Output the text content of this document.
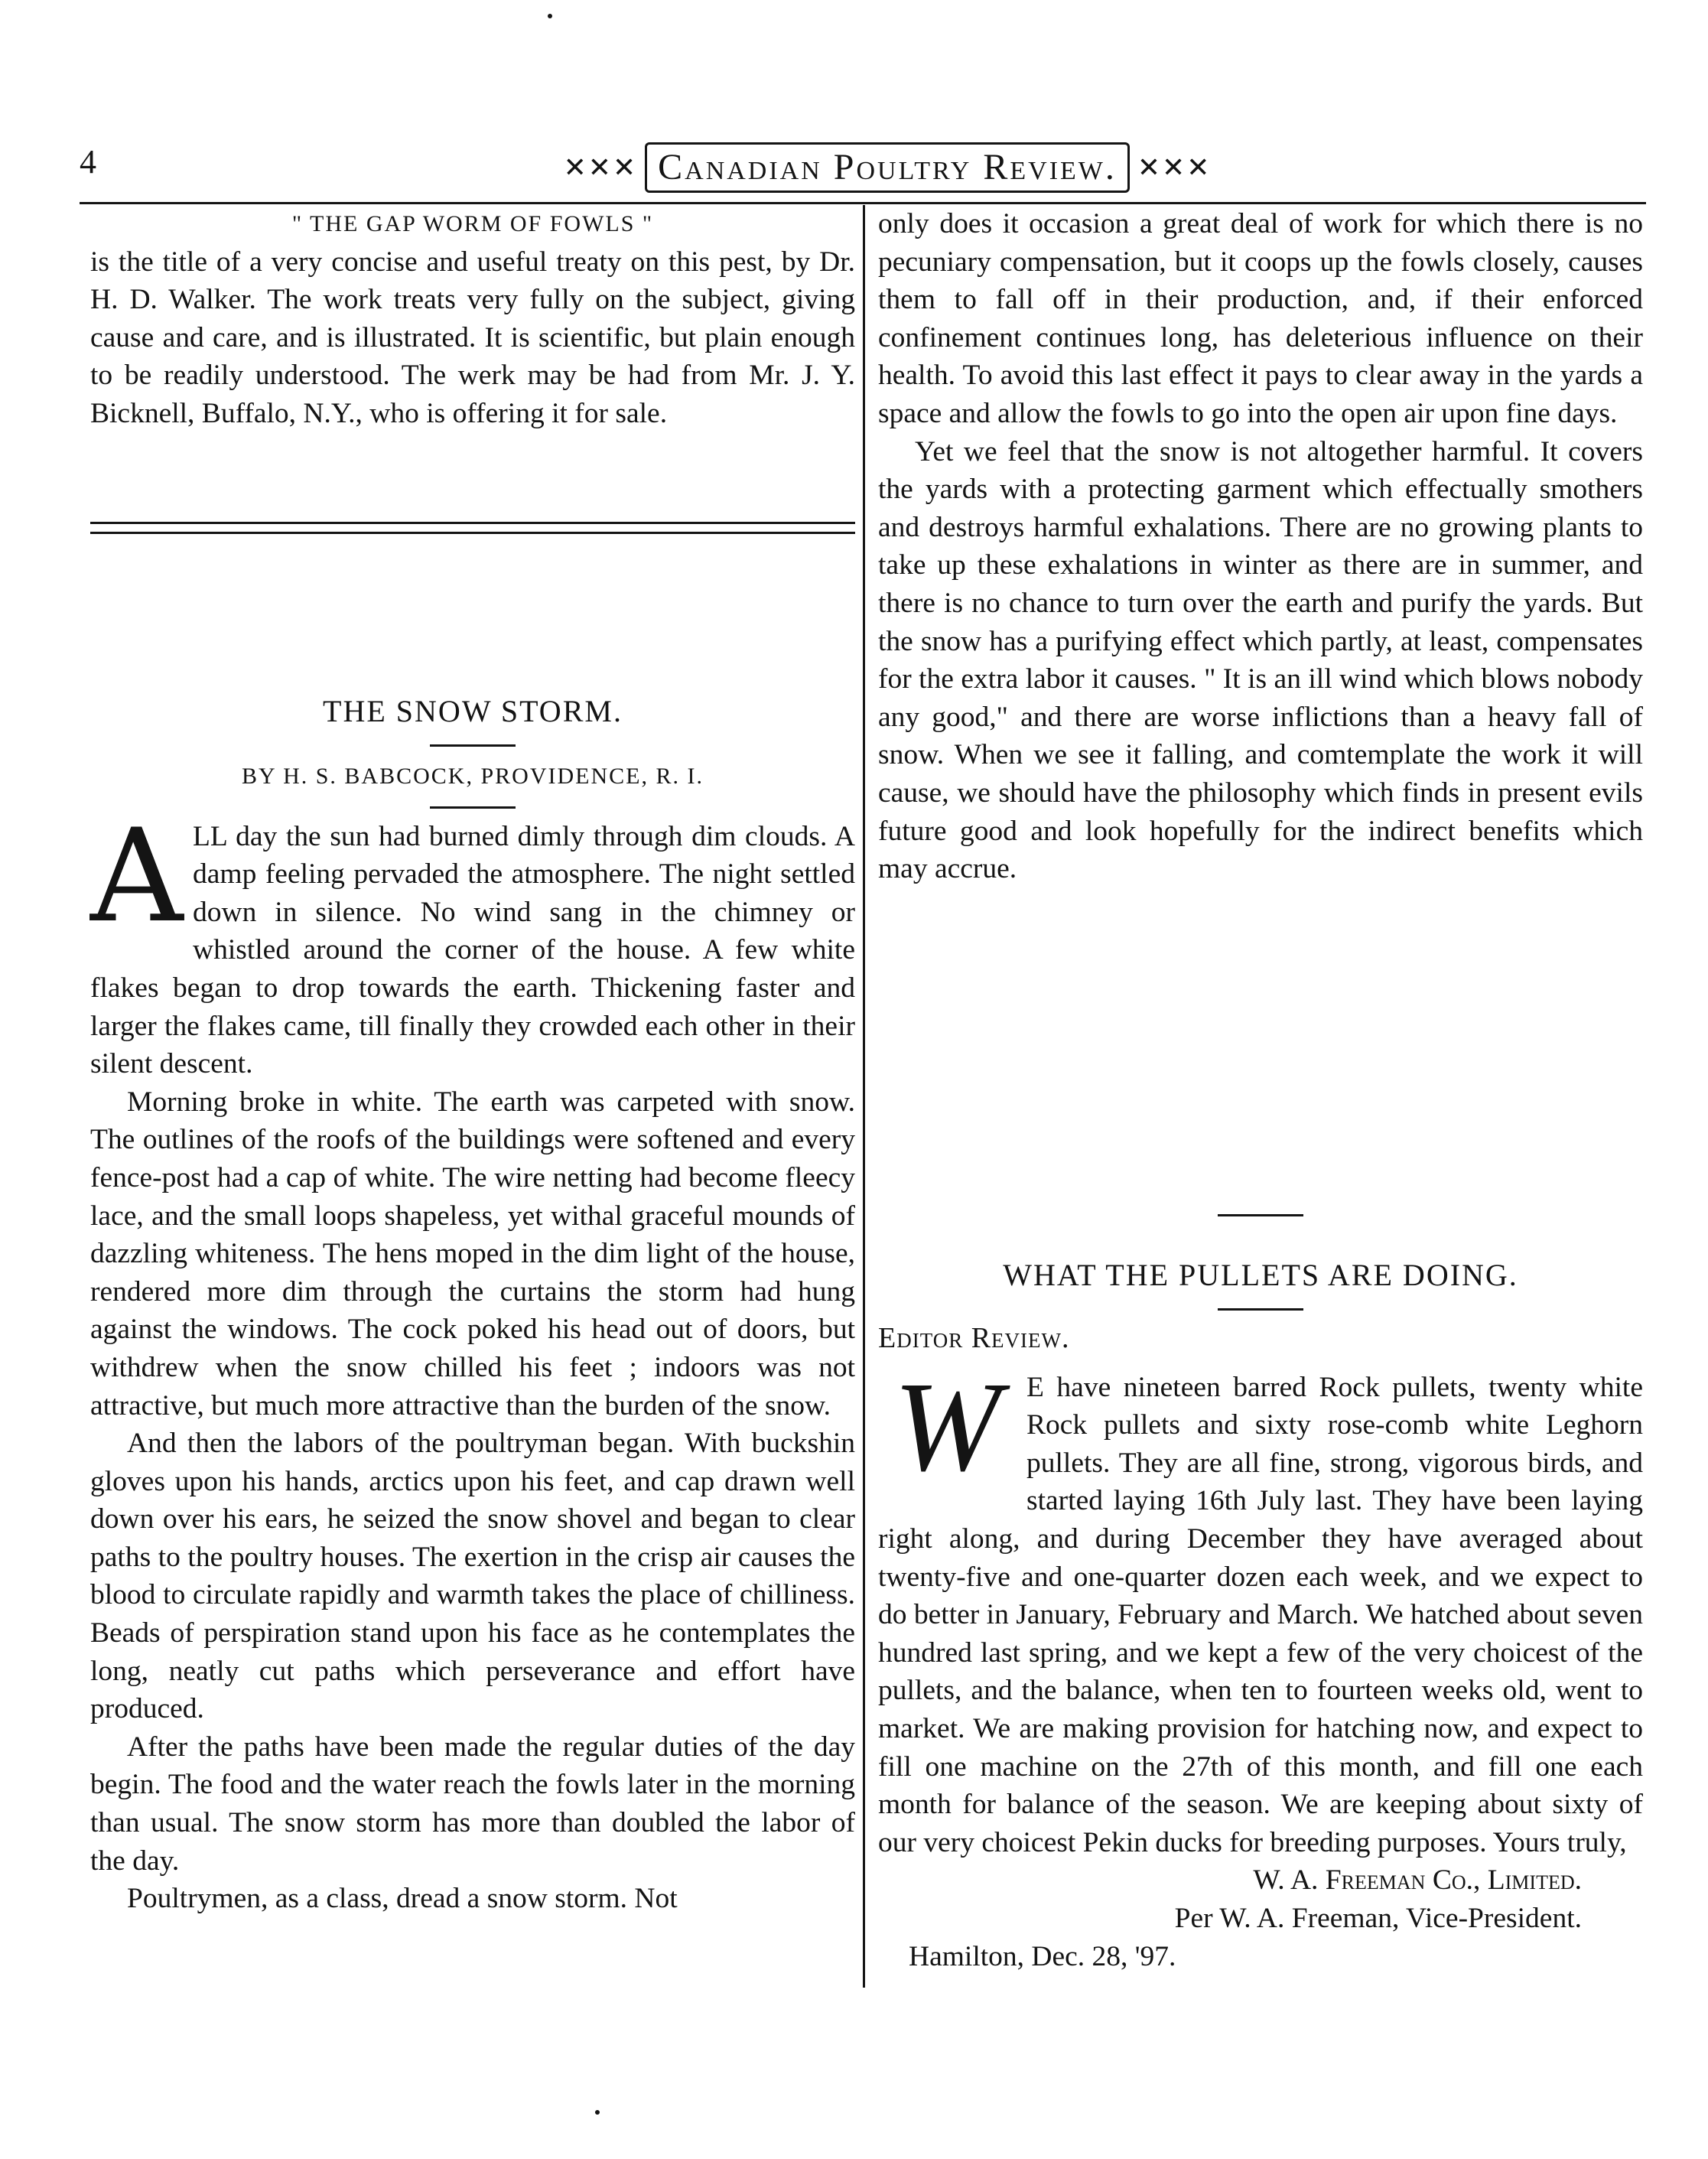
4	✕✕✕ Canadian Poultry Review. ✕✕✕
" THE GAP WORM OF FOWLS "

is the title of a very concise and useful treaty on this pest, by Dr. H. D. Walker. The work treats very fully on the subject, giving cause and care, and is illustrated. It is scientific, but plain enough to be readily understood. The werk may be had from Mr. J. Y. Bicknell, Buffalo, N.Y., who is offering it for sale.

THE SNOW STORM.
BY H. S. BABCOCK, PROVIDENCE, R. I.

ALL day the sun had burned dimly through dim clouds. A damp feeling pervaded the atmosphere. The night settled down in silence. No wind sang in the chimney or whistled around the corner of the house. A few white flakes began to drop towards the earth. Thickening faster and larger the flakes came, till finally they crowded each other in their silent descent.

Morning broke in white. The earth was carpeted with snow. The outlines of the roofs of the buildings were softened and every fence-post had a cap of white. The wire netting had become fleecy lace, and the small loops shapeless, yet withal graceful mounds of dazzling whiteness. The hens moped in the dim light of the house, rendered more dim through the curtains the storm had hung against the windows. The cock poked his head out of doors, but withdrew when the snow chilled his feet ; indoors was not attractive, but much more attractive than the burden of the snow.

And then the labors of the poultryman began. With buckshin gloves upon his hands, arctics upon his feet, and cap drawn well down over his ears, he seized the snow shovel and began to clear paths to the poultry houses. The exertion in the crisp air causes the blood to circulate rapidly and warmth takes the place of chilliness. Beads of perspiration stand upon his face as he contemplates the long, neatly cut paths which perseverance and effort have produced.

After the paths have been made the regular duties of the day begin. The food and the water reach the fowls later in the morning than usual. The snow storm has more than doubled the labor of the day.

Poultrymen, as a class, dread a snow storm. Not

only does it occasion a great deal of work for which there is no pecuniary compensation, but it coops up the fowls closely, causes them to fall off in their production, and, if their enforced confinement continues long, has deleterious influence on their health. To avoid this last effect it pays to clear away in the yards a space and allow the fowls to go into the open air upon fine days.

Yet we feel that the snow is not altogether harmful. It covers the yards with a protecting garment which effectually smothers and destroys harmful exhalations. There are no growing plants to take up these exhalations in winter as there are in summer, and there is no chance to turn over the earth and purify the yards. But the snow has a purifying effect which partly, at least, compensates for the extra labor it causes. " It is an ill wind which blows nobody any good," and there are worse inflictions than a heavy fall of snow. When we see it falling, and comtemplate the work it will cause, we should have the philosophy which finds in present evils future good and look hopefully for the indirect benefits which may accrue.

WHAT THE PULLETS ARE DOING.
Editor Review.

W E have nineteen barred Rock pullets, twenty white Rock pullets and sixty rose-comb white Leghorn pullets. They are all fine, strong, vigorous birds, and started laying 16th July last. They have been laying right along, and during December they have averaged about twenty-five and one-quarter dozen each week, and we expect to do better in January, February and March. We hatched about seven hundred last spring, and we kept a few of the very choicest of the pullets, and the balance, when ten to fourteen weeks old, went to market. We are making provision for hatching now, and expect to fill one machine on the 27th of this month, and fill one each month for balance of the season. We are keeping about sixty of our very choicest Pekin ducks for breeding purposes. Yours truly,

W. A. Freeman Co., Limited.
Per W. A. Freeman, Vice-President.
Hamilton, Dec. 28, '97.
